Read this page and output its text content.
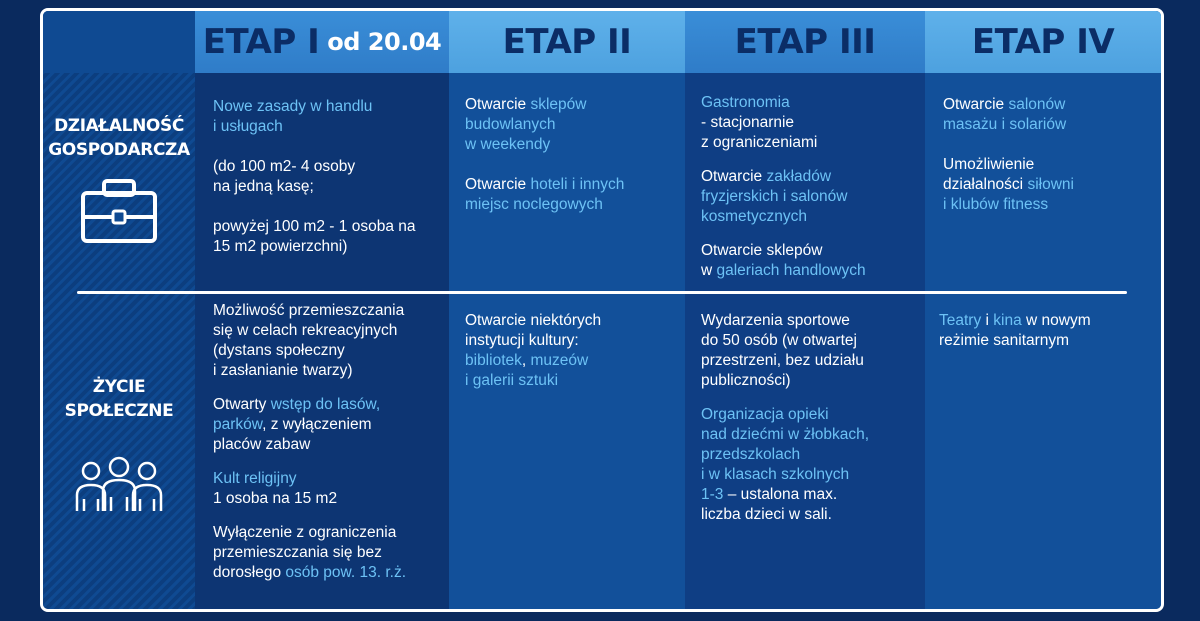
ETAP I od 20.04 ETAP II	ETAP III	ETAP IV
DZIAŁALNOŚĆ
GOSPODARCZA
ŻYCIE
SPOŁECZNE

Nowe zasady w handlu
i usługach

(do 100 m2- 4 osoby
na jedną kasę;

powyżej 100 m2 - 1 osoba na
15 m2 powierzchni)

Otwarcie sklepów
budowlanych
w weekendy

Otwarcie hoteli i innych
miejsc noclegowych

Gastronomia
- stacjonarnie
z ograniczeniami

Otwarcie zakładów
fryzjerskich i salonów
kosmetycznych

Otwarcie sklepów
w galeriach handlowych

Otwarcie salonów
masażu i solariów

Umożliwienie
działalności siłowni
i klubów fitness

Możliwość przemieszczania
się w celach rekreacyjnych
(dystans społeczny
i zasłanianie twarzy)

Otwarty wstęp do lasów,
parków, z wyłączeniem
placów zabaw

Kult religijny
1 osoba na 15 m2

Wyłączenie z ograniczenia
przemieszczania się bez
dorosłego osób pow. 13. r.ż.

Otwarcie niektórych
instytucji kultury:
bibliotek, muzeów
i galerii sztuki

Wydarzenia sportowe
do 50 osób (w otwartej
przestrzeni, bez udziału
publiczności)

Organizacja opieki
nad dziećmi w żłobkach,
przedszkolach
i w klasach szkolnych
1-3 – ustalona max.
liczba dzieci w sali.

Teatry i kina w nowym
reżimie sanitarnym
